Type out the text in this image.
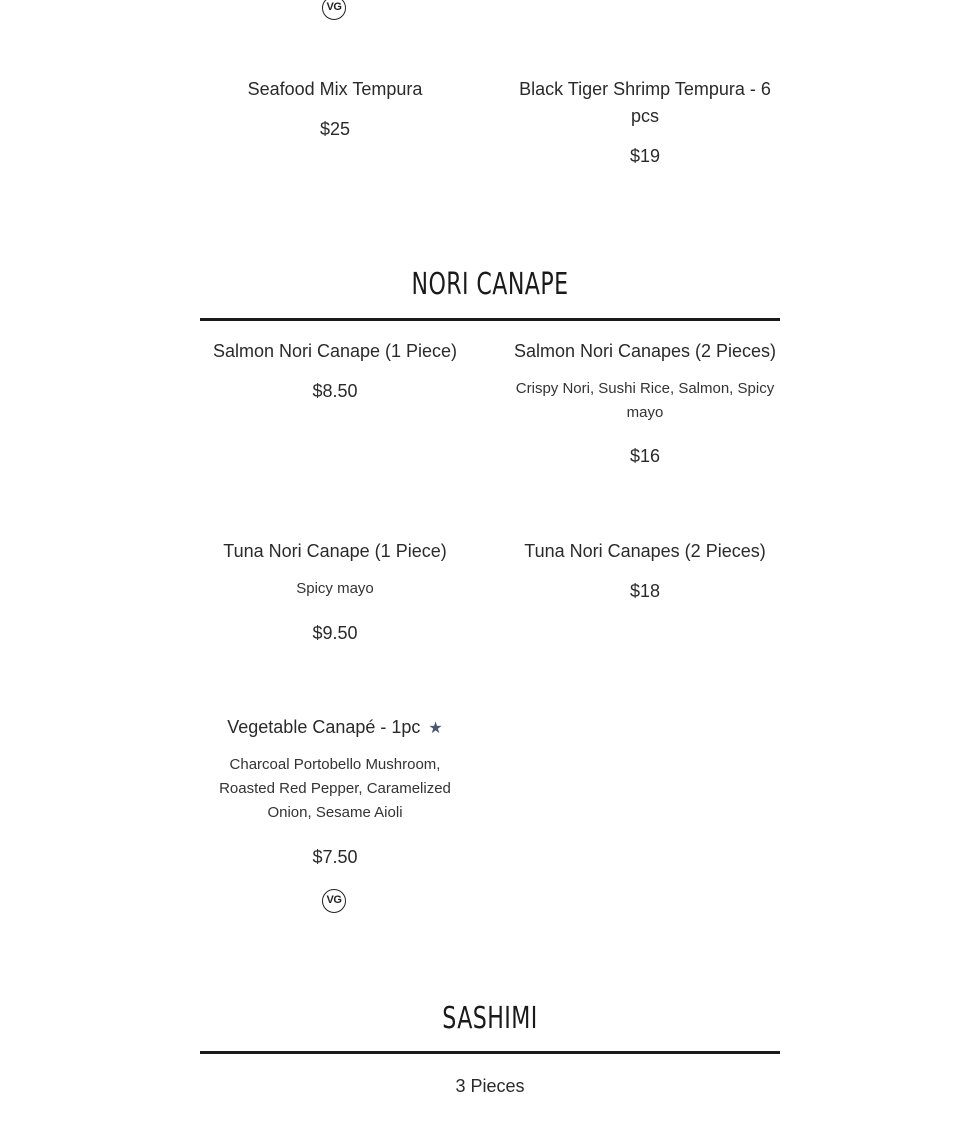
VG
Seafood Mix Tempura
$25
Black Tiger Shrimp Tempura - 6 pcs
$19
NORI CANAPE
Salmon Nori Canape (1 Piece)
$8.50
Salmon Nori Canapes (2 Pieces)
Crispy Nori, Sushi Rice, Salmon, Spicy mayo
$16
Tuna Nori Canape (1 Piece)
Spicy mayo
$9.50
Tuna Nori Canapes (2 Pieces)
$18
Vegetable Canapé - 1pc ★
Charcoal Portobello Mushroom, Roasted Red Pepper, Caramelized Onion, Sesame Aioli
$7.50
VG
SASHIMI
3 Pieces
